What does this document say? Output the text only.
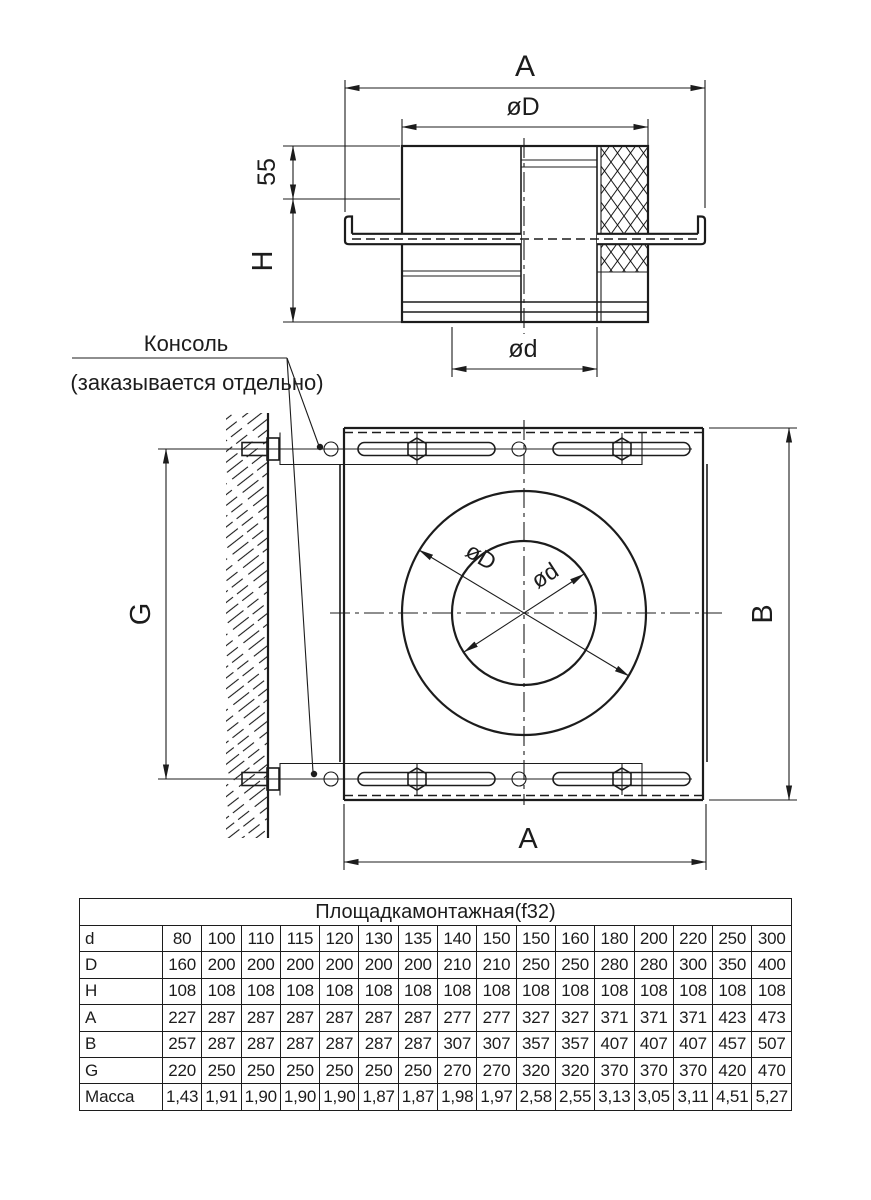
A
øD
55
H
ød
øD
ød
G	B
A
Консоль
(заказывается отдельно)
Площадкамонтажная(f32)																
d	80	100	110	115	120	130	135	140	150	150	160	180	200	220	250	300
D	160	200	200	200	200	200	200	210	210	250	250	280	280	300	350	400
H	108	108	108	108	108	108	108	108	108	108	108	108	108	108	108	108
A	227	287	287	287	287	287	287	277	277	327	327	371	371	371	423	473
B	257	287	287	287	287	287	287	307	307	357	357	407	407	407	457	507
G	220	250	250	250	250	250	250	270	270	320	320	370	370	370	420	470
Масса	1,43	1,91	1,90	1,90	1,90	1,87	1,87	1,98	1,97	2,58	2,55	3,13	3,05	3,11	4,51	5,27
